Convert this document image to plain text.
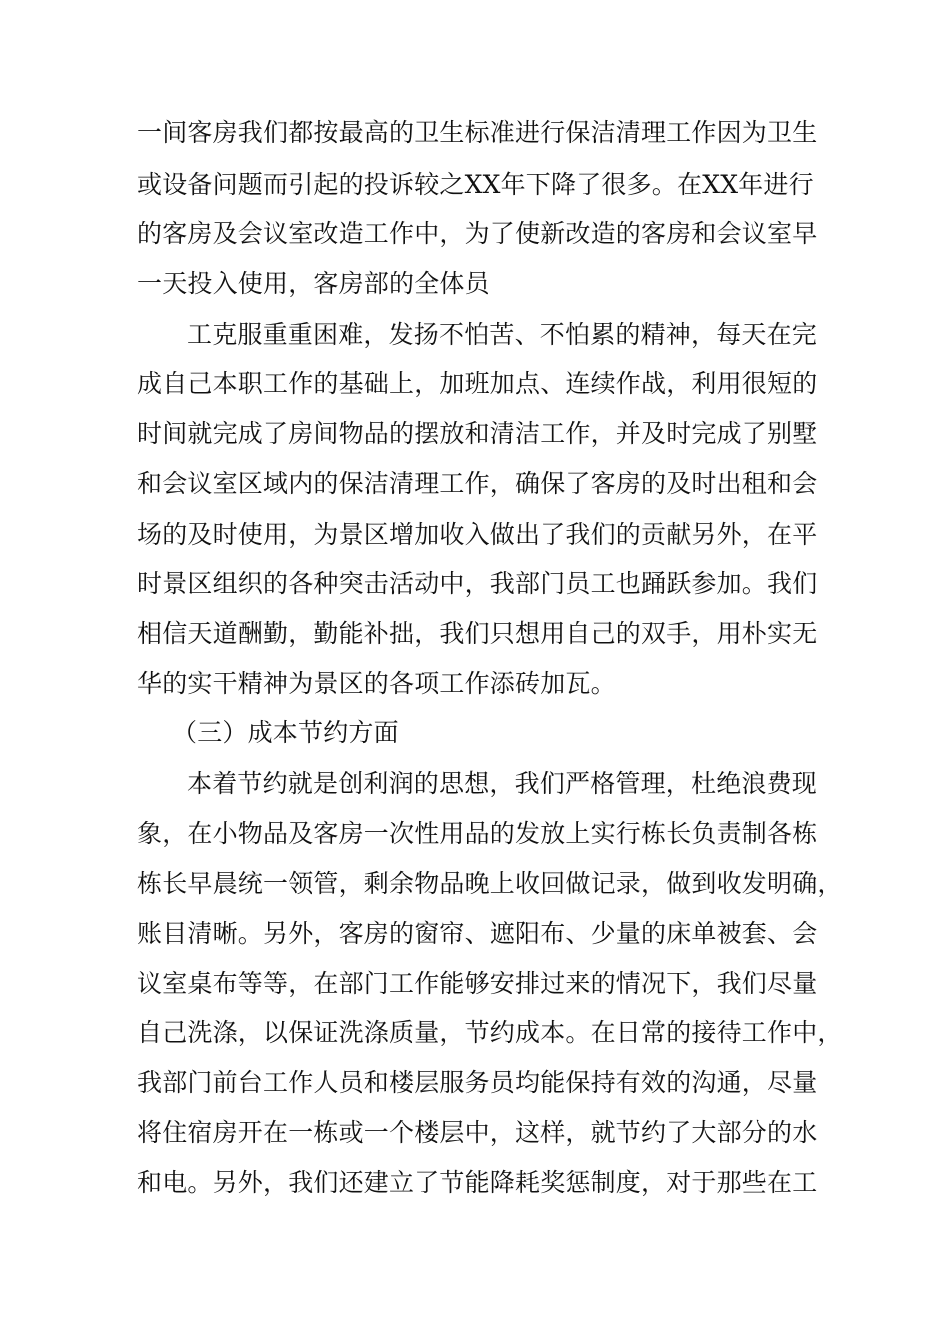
一间客房我们都按最高的卫生标准进行保洁清理工作因为卫生
或设备问题而引起的投诉较之XX年下降了很多。在XX年进行
的客房及会议室改造工作中，为了使新改造的客房和会议室早
一天投入使用，客房部的全体员
工克服重重困难，发扬不怕苦、不怕累的精神，每天在完
成自己本职工作的基础上，加班加点、连续作战，利用很短的
时间就完成了房间物品的摆放和清洁工作，并及时完成了别墅
和会议室区域内的保洁清理工作，确保了客房的及时出租和会
场的及时使用，为景区增加收入做出了我们的贡献另外，在平
时景区组织的各种突击活动中，我部门员工也踊跃参加。我们
相信天道酬勤，勤能补拙，我们只想用自己的双手，用朴实无
华的实干精神为景区的各项工作添砖加瓦。
（三）成本节约方面
本着节约就是创利润的思想，我们严格管理，杜绝浪费现
象，在小物品及客房一次性用品的发放上实行栋长负责制各栋
栋长早晨统一领管，剩余物品晚上收回做记录，做到收发明确，
账目清晰。另外，客房的窗帘、遮阳布、少量的床单被套、会
议室桌布等等，在部门工作能够安排过来的情况下，我们尽量
自己洗涤，以保证洗涤质量，节约成本。在日常的接待工作中，
我部门前台工作人员和楼层服务员均能保持有效的沟通，尽量
将住宿房开在一栋或一个楼层中，这样，就节约了大部分的水
和电。另外，我们还建立了节能降耗奖惩制度，对于那些在工
